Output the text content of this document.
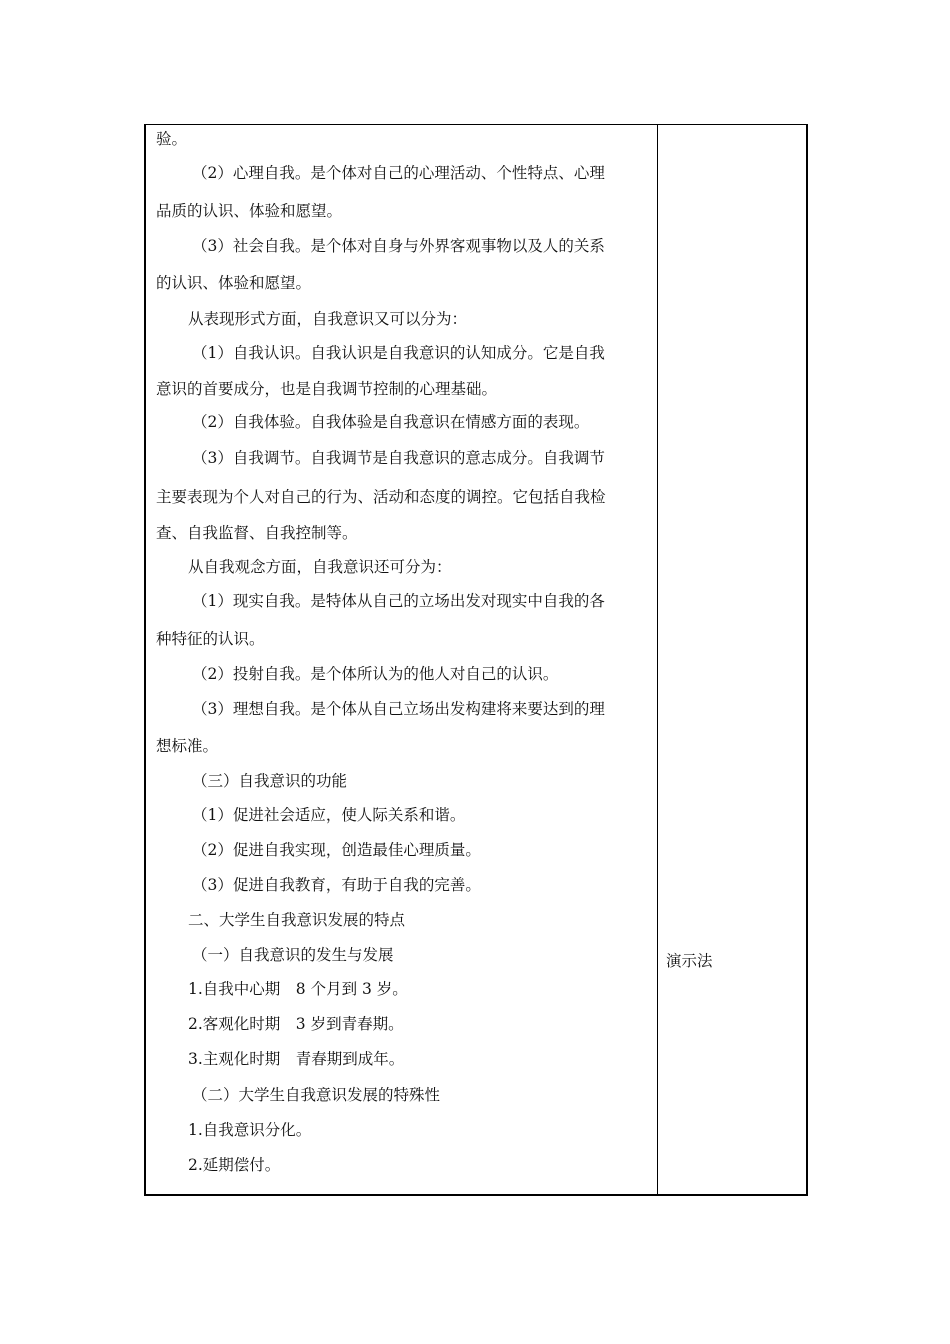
验。
（2）心理自我。是个体对自己的心理活动、个性特点、心理
品质的认识、体验和愿望。
（3）社会自我。是个体对自身与外界客观事物以及人的关系
的认识、体验和愿望。
从表现形式方面，自我意识又可以分为：
（1）自我认识。自我认识是自我意识的认知成分。它是自我
意识的首要成分，也是自我调节控制的心理基础。
（2）自我体验。自我体验是自我意识在情感方面的表现。
（3）自我调节。自我调节是自我意识的意志成分。自我调节
主要表现为个人对自己的行为、活动和态度的调控。它包括自我检
查、自我监督、自我控制等。
从自我观念方面，自我意识还可分为：
（1）现实自我。是特体从自己的立场出发对现实中自我的各
种特征的认识。
（2）投射自我。是个体所认为的他人对自己的认识。
（3）理想自我。是个体从自己立场出发构建将来要达到的理
想标准。
（三）自我意识的功能
（1）促进社会适应，使人际关系和谐。
（2）促进自我实现，创造最佳心理质量。
（3）促进自我教育，有助于自我的完善。
二、大学生自我意识发展的特点
（一）自我意识的发生与发展
1.自我中心期　8 个月到 3 岁。
2.客观化时期　3 岁到青春期。
3.主观化时期　青春期到成年。
（二）大学生自我意识发展的特殊性
1.自我意识分化。
2.延期偿付。
演示法
